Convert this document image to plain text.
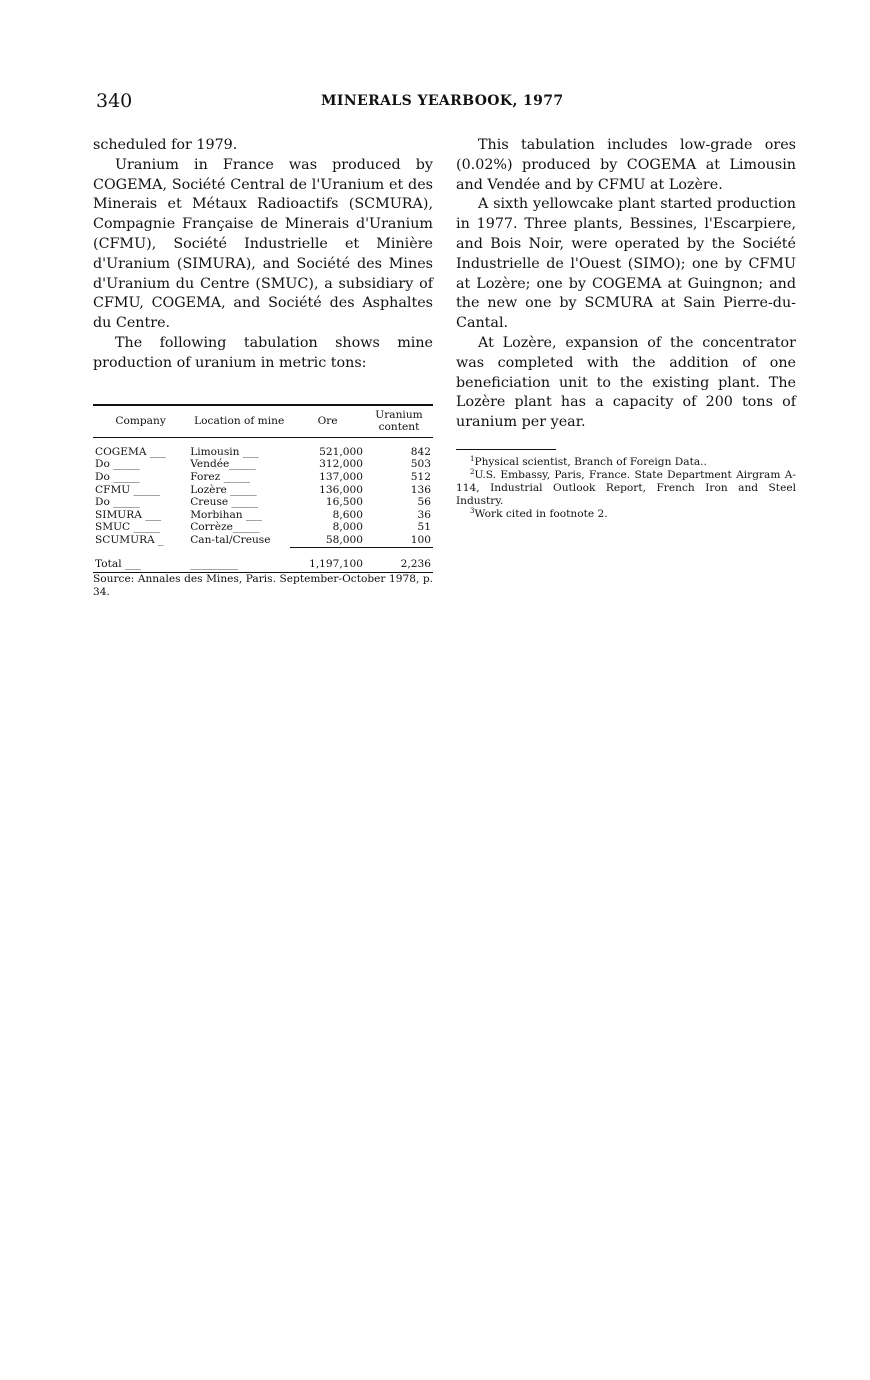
340	MINERALS YEARBOOK, 1977

scheduled for 1979.

Uranium in France was produced by COGEMA, Société Central de l'Uranium et des Minerais et Métaux Radioactifs (SCMURA), Compagnie Française de Minerais d'Uranium (CFMU), Société Industrielle et Minière d'Uranium (SIMURA), and Société des Mines d'Uranium du Centre (SMUC), a subsidiary of CFMU, COGEMA, and Société des Asphaltes du Centre.

The following tabulation shows mine production of uranium in metric tons:

Company	Location of mine	Ore	Uranium content
COGEMA ___	Limousin ___	521,000	842
Do _____	Vendée_____	312,000	503
Do _____	Forez _____	137,000	512
CFMU _____	Lozère _____	136,000	136
Do _____	Creuse _____	16,500	56
SIMURA ___	Morbihan ___	8,600	36
SMUC _____	Corrèze_____	8,000	51
SCUMURA _	Can-tal/Creuse	58,000	100

Total ___	_________	1,197,100	2,236

Source: Annales des Mines, Paris. September-October 1978, p. 34.

This tabulation includes low-grade ores (0.02%) produced by COGEMA at Limousin and Vendée and by CFMU at Lozère.

A sixth yellowcake plant started production in 1977. Three plants, Bessines, l'Escarpiere, and Bois Noir, were operated by the Société Industrielle de l'Ouest (SIMO); one by CFMU at Lozère; one by COGEMA at Guingnon; and the new one by SCMURA at Sain Pierre-du-Cantal.

At Lozère, expansion of the concentrator was completed with the addition of one beneficiation unit to the existing plant. The Lozère plant has a capacity of 200 tons of uranium per year.

$^1$Physical scientist, Branch of Foreign Data..

$^2$U.S. Embassy, Paris, France. State Department Airgram A-114, Industrial Outlook Report, French Iron and Steel Industry.

$^3$Work cited in footnote 2.
